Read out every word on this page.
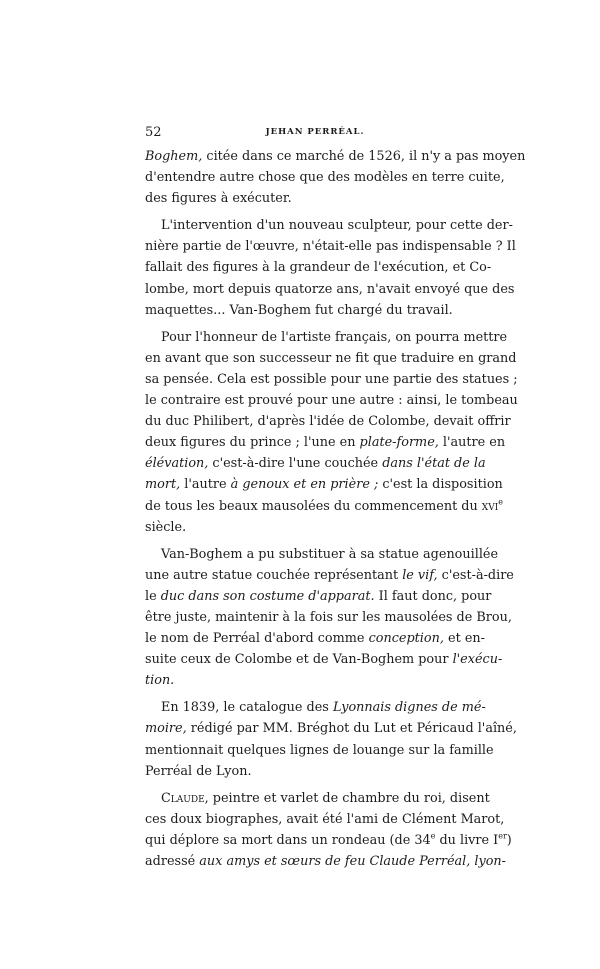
52	JEHAN PERRÉAL.
Boghem, citée dans ce marché de 1526, il n'y a pas moyen
d'entendre autre chose que des modèles en terre cuite,
des figures à exécuter.
L'intervention d'un nouveau sculpteur, pour cette der-
nière partie de l'œuvre, n'était-elle pas indispensable ? Il
fallait des figures à la grandeur de l'exécution, et Co-
lombe, mort depuis quatorze ans, n'avait envoyé que des
maquettes... Van-Boghem fut chargé du travail.
Pour l'honneur de l'artiste français, on pourra mettre
en avant que son successeur ne fit que traduire en grand
sa pensée. Cela est possible pour une partie des statues ;
le contraire est prouvé pour une autre : ainsi, le tombeau
du duc Philibert, d'après l'idée de Colombe, devait offrir
deux figures du prince ; l'une en plate-forme, l'autre en
élévation, c'est-à-dire l'une couchée dans l'état de la
mort, l'autre à genoux et en prière ; c'est la disposition
de tous les beaux mausolées du commencement du xvi$^e$
siècle.
Van-Boghem a pu substituer à sa statue agenouillée
une autre statue couchée représentant le vif, c'est-à-dire
le duc dans son costume d'apparat. Il faut donc, pour
être juste, maintenir à la fois sur les mausolées de Brou,
le nom de Perréal d'abord comme conception, et en-
suite ceux de Colombe et de Van-Boghem pour l'exécu-
tion.
En 1839, le catalogue des Lyonnais dignes de mé-
moire, rédigé par MM. Bréghot du Lut et Péricaud l'aîné,
mentionnait quelques lignes de louange sur la famille
Perréal de Lyon.
Claude, peintre et varlet de chambre du roi, disent
ces doux biographes, avait été l'ami de Clément Marot,
qui déplore sa mort dans un rondeau (de 34e du livre Ier)
adressé aux amys et sœurs de feu Claude Perréal, lyon-
